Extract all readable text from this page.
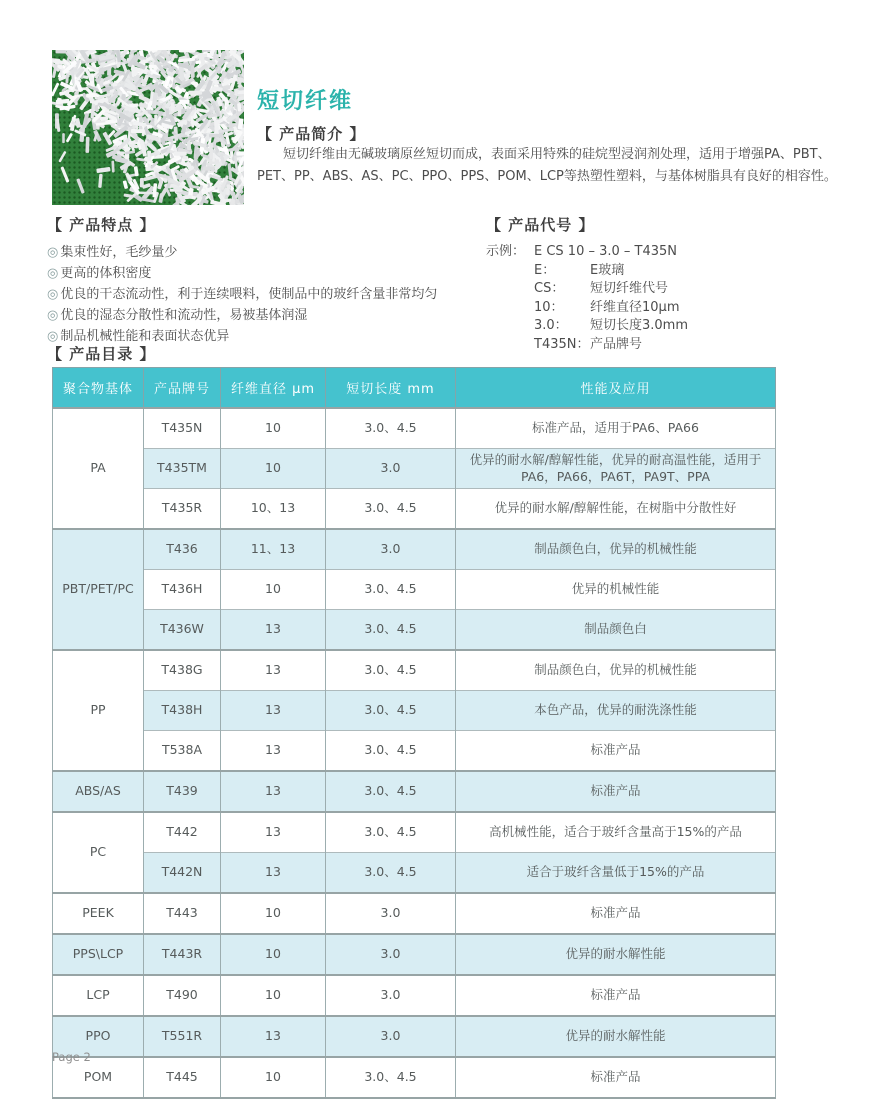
短切纤维
【 产品简介 】

短切纤维由无碱玻璃原丝短切而成，表面采用特殊的硅烷型浸润剂处理，适用于增强PA、PBT、PET、PP、ABS、AS、PC、PPO、PPS、POM、LCP等热塑性塑料，与基体树脂具有良好的相容性。

【 产品特点 】
◎ 集束性好，毛纱量少
◎ 更高的体积密度
◎ 优良的干态流动性，利于连续喂料，使制品中的玻纤含量非常均匀
◎ 优良的湿态分散性和流动性，易被基体润湿
◎ 制品机械性能和表面状态优异
【 产品代号 】
示例： E CS 10 – 3.0 – T435N
E：	E玻璃
CS：	短切纤维代号
10：	纤维直径10μm
3.0：	短切长度3.0mm
T435N： 产品牌号
【 产品目录 】
聚合物基体	产品牌号	纤维直径 μm	短切长度 mm	性能及应用
PA	T435N	10	3.0、4.5	标准产品，适用于PA6、PA66
	T435TM	10	3.0	优异的耐水解/醇解性能，优异的耐高温性能，适用于PA6，PA66，PA6T，PA9T、PPA
	T435R	10、13	3.0、4.5	优异的耐水解/醇解性能，在树脂中分散性好
PBT/PET/PC	T436	11、13	3.0	制品颜色白，优异的机械性能
	T436H	10	3.0、4.5	优异的机械性能
	T436W	13	3.0、4.5	制品颜色白
PP	T438G	13	3.0、4.5	制品颜色白，优异的机械性能
	T438H	13	3.0、4.5	本色产品，优异的耐洗涤性能
	T538A	13	3.0、4.5	标准产品
ABS/AS	T439	13	3.0、4.5	标准产品
PC	T442	13	3.0、4.5	高机械性能，适合于玻纤含量高于15%的产品
	T442N	13	3.0、4.5	适合于玻纤含量低于15%的产品
PEEK	T443	10	3.0	标准产品
PPS\LCP	T443R	10	3.0	优异的耐水解性能
LCP	T490	10	3.0	标准产品
PPO	T551R	13	3.0	优异的耐水解性能
POM	T445	10	3.0、4.5	标准产品
Page 2
